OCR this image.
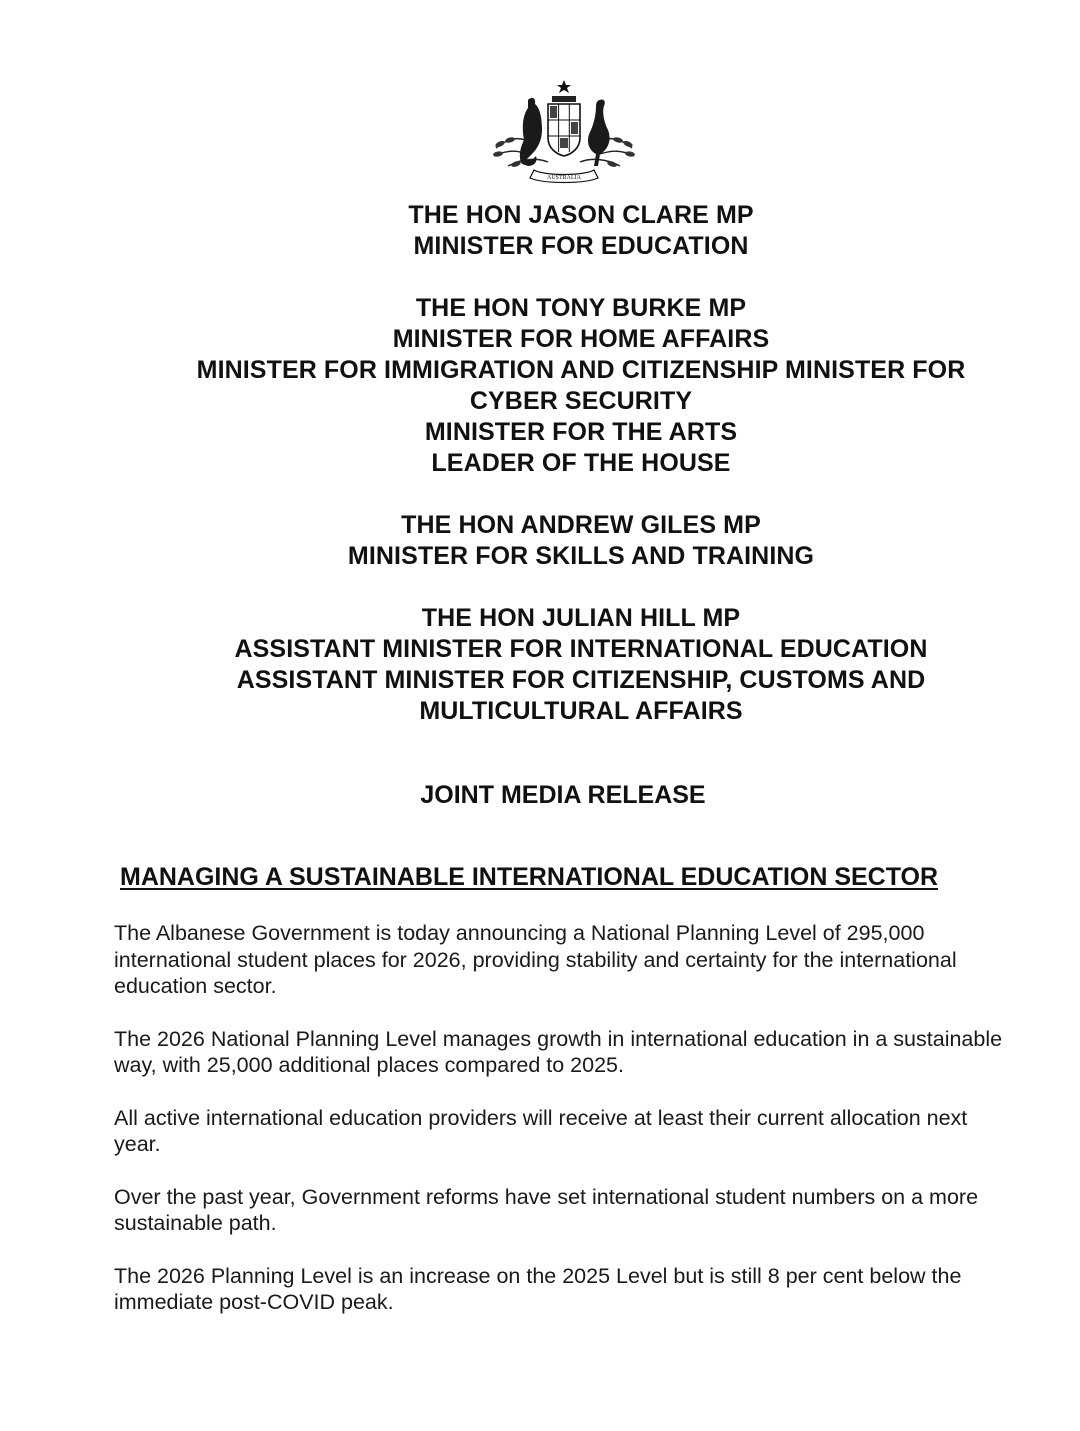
AUSTRALIA
THE HON JASON CLARE MP
MINISTER FOR EDUCATION
THE HON TONY BURKE MP
MINISTER FOR HOME AFFAIRS
MINISTER FOR IMMIGRATION AND CITIZENSHIP MINISTER FOR
CYBER SECURITY
MINISTER FOR THE ARTS
LEADER OF THE HOUSE
THE HON ANDREW GILES MP
MINISTER FOR SKILLS AND TRAINING
THE HON JULIAN HILL MP
ASSISTANT MINISTER FOR INTERNATIONAL EDUCATION
ASSISTANT MINISTER FOR CITIZENSHIP, CUSTOMS AND
MULTICULTURAL AFFAIRS
JOINT MEDIA RELEASE
MANAGING A SUSTAINABLE INTERNATIONAL EDUCATION SECTOR

The Albanese Government is today announcing a National Planning Level of 295,000 international student places for 2026, providing stability and certainty for the international education sector.

The 2026 National Planning Level manages growth in international education in a sustainable way, with 25,000 additional places compared to 2025.

All active international education providers will receive at least their current allocation next year.

Over the past year, Government reforms have set international student numbers on a more sustainable path.

The 2026 Planning Level is an increase on the 2025 Level but is still 8 per cent below the immediate post-COVID peak.
